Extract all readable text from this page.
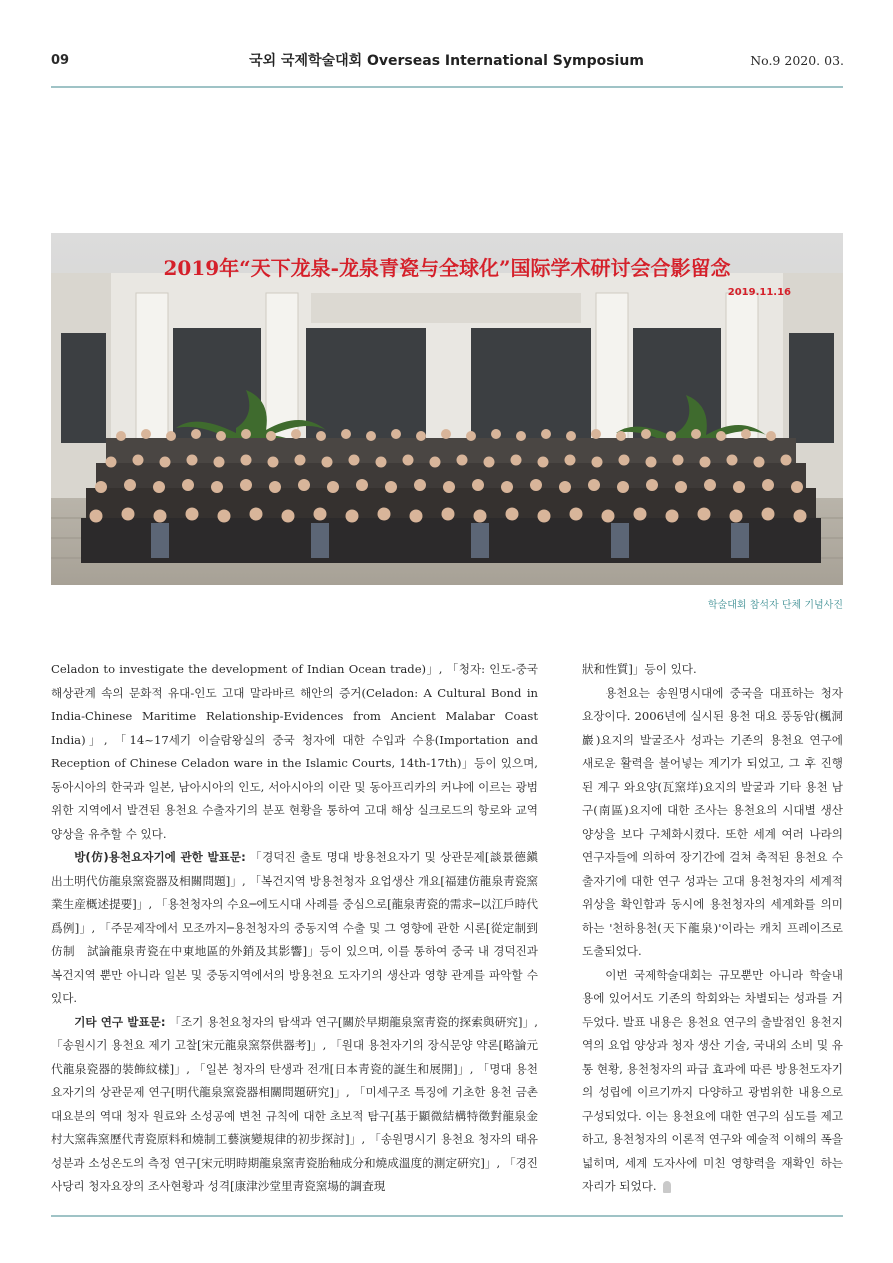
09	국외 국제학술대회 Overseas International Symposium	No.9 2020. 03.
2019年“天下龙泉-龙泉青瓷与全球化”国际学术研讨会合影留念
2019.11.16
학술대회 참석자 단체 기념사진

Celadon to investigate the development of Indian Ocean trade)」, 「청자: 인도-중국 해상관계 속의 문화적 유대-인도 고대 말라바르 해안의 증거(Celadon: A Cultural Bond in India-Chinese Maritime Relationship-Evidences from Ancient Malabar Coast India)」, 「14~17세기 이슬람왕실의 중국 청자에 대한 수입과 수용(Importation and Reception of Chinese Celadon ware in the Islamic Courts, 14th-17th)」등이 있으며, 동아시아의 한국과 일본, 남아시아의 인도, 서아시아의 이란 및 동아프리카의 커냐에 이르는 광범위한 지역에서 발견된 용천요 수출자기의 분포 현황을 통하여 고대 해상 실크로드의 항로와 교역 양상을 유추할 수 있다.

방(仿)용천요자기에 관한 발표문: 「경덕진 출토 명대 방용천요자기 및 상관문제[談景德鎭出土明代仿龍泉窯瓷器及相關問題]」, 「복건지역 방용천청자 요업생산 개요[福建仿龍泉靑瓷窯業生産概述提要]」, 「용천청자의 수요─에도시대 사례를 중심으로[龍泉靑瓷的需求─以江戶時代爲例]」, 「주문제작에서 모조까지─용천청자의 중동지역 수출 및 그 영향에 관한 시론[從定制到仿制　試論龍泉靑瓷在中東地區的外銷及其影響]」등이 있으며, 이를 통하여 중국 내 경덕진과 복건지역 뿐만 아니라 일본 및 중동지역에서의 방용천요 도자기의 생산과 영향 관계를 파악할 수 있다.

기타 연구 발표문: 「조기 용천요청자의 탐색과 연구[關於早期龍泉窯靑瓷的探索與硏究]」, 「송원시기 용천요 제기 고찰[宋元龍泉窯祭供器考]」, 「원대 용천자기의 장식문양 약론[略論元代龍泉瓷器的裝飾紋樣]」, 「일본 청자의 탄생과 전개[日本靑瓷的誕生和展開]」, 「명대 용천요자기의 상관문제 연구[明代龍泉窯瓷器相關問題硏究]」, 「미세구조 특징에 기초한 용천 금촌 대요분의 역대 청자 원료와 소성공예 변천 규칙에 대한 초보적 탐구[基于顯微結構特徵對龍泉金村大窯犇窯歷代靑瓷原料和燒制工藝演變規律的初步探討]」, 「송원명시기 용천요 청자의 태유 성분과 소성온도의 측정 연구[宋元明時期龍泉窯靑瓷胎釉成分和燒成溫度的測定硏究]」, 「경진 사당리 청자요장의 조사현황과 성격[康津沙堂里靑瓷窯場的調査現

狀和性質]」등이 있다.

용천요는 송원명시대에 중국을 대표하는 청자요장이다. 2006년에 실시된 용천 대요 풍동암(楓洞巖)요지의 발굴조사 성과는 기존의 용천요 연구에 새로운 활력을 불어넣는 계기가 되었고, 그 후 진행된 계구 와요양(瓦窯垟)요지의 발굴과 기타 용천 남구(南區)요지에 대한 조사는 용천요의 시대별 생산 양상을 보다 구체화시켰다. 또한 세계 여러 나라의 연구자들에 의하여 장기간에 걸쳐 축적된 용천요 수출자기에 대한 연구 성과는 고대 용천청자의 세계적 위상을 확인함과 동시에 용천청자의 세계화를 의미하는 '천하용천(天下龍泉)'이라는 캐치 프레이즈로 도출되었다.

이번 국제학술대회는 규모뿐만 아니라 학술내용에 있어서도 기존의 학회와는 차별되는 성과를 거두었다. 발표 내용은 용천요 연구의 출발점인 용천지역의 요업 양상과 청자 생산 기술, 국내외 소비 및 유통 현황, 용천청자의 파급 효과에 따른 방용천도자기의 성립에 이르기까지 다양하고 광범위한 내용으로 구성되었다. 이는 용천요에 대한 연구의 심도를 제고하고, 용천청자의 이론적 연구와 예술적 이해의 폭을 넓히며, 세계 도자사에 미친 영향력을 재확인 하는 자리가 되었다.
